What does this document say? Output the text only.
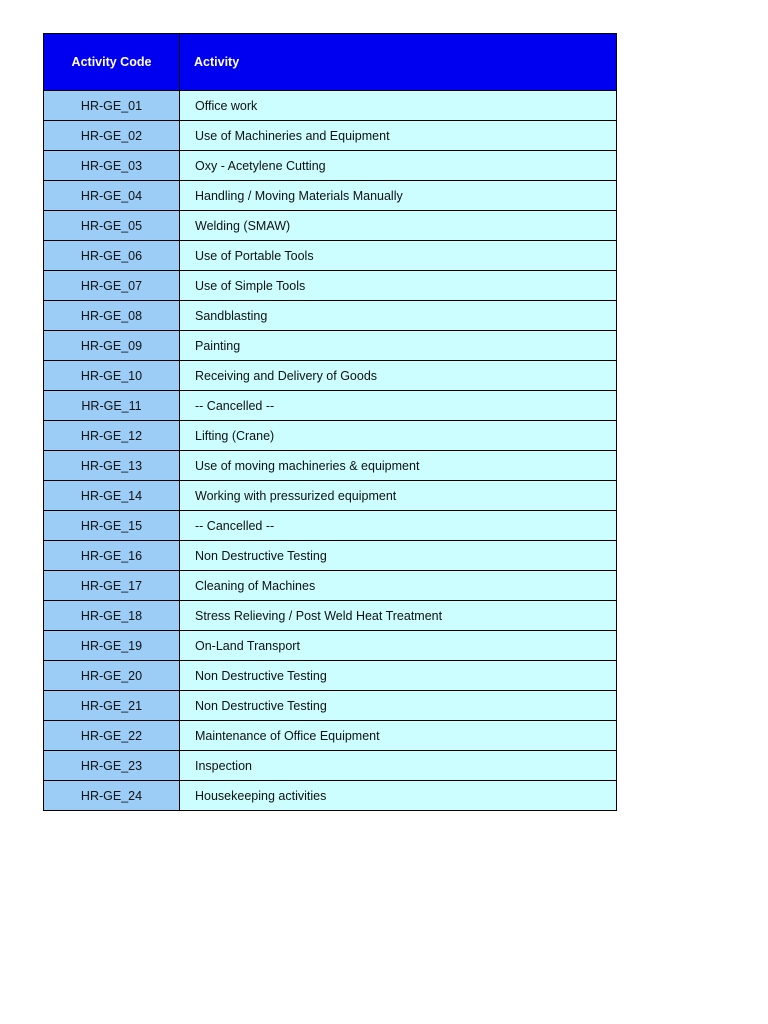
Activity Code	Activity
HR-GE_01	Office work
HR-GE_02	Use of Machineries and Equipment
HR-GE_03	Oxy - Acetylene Cutting
HR-GE_04	Handling / Moving Materials Manually
HR-GE_05	Welding (SMAW)
HR-GE_06	Use of Portable Tools
HR-GE_07	Use of Simple Tools
HR-GE_08	Sandblasting
HR-GE_09	Painting
HR-GE_10	Receiving and Delivery of Goods
HR-GE_11	-- Cancelled --
HR-GE_12	Lifting (Crane)
HR-GE_13	Use of moving machineries & equipment
HR-GE_14	Working with pressurized equipment
HR-GE_15	-- Cancelled --
HR-GE_16	Non Destructive Testing
HR-GE_17	Cleaning of Machines
HR-GE_18	Stress Relieving / Post Weld Heat Treatment
HR-GE_19	On-Land Transport
HR-GE_20	Non Destructive Testing
HR-GE_21	Non Destructive Testing
HR-GE_22	Maintenance of Office Equipment
HR-GE_23	Inspection
HR-GE_24	Housekeeping activities
